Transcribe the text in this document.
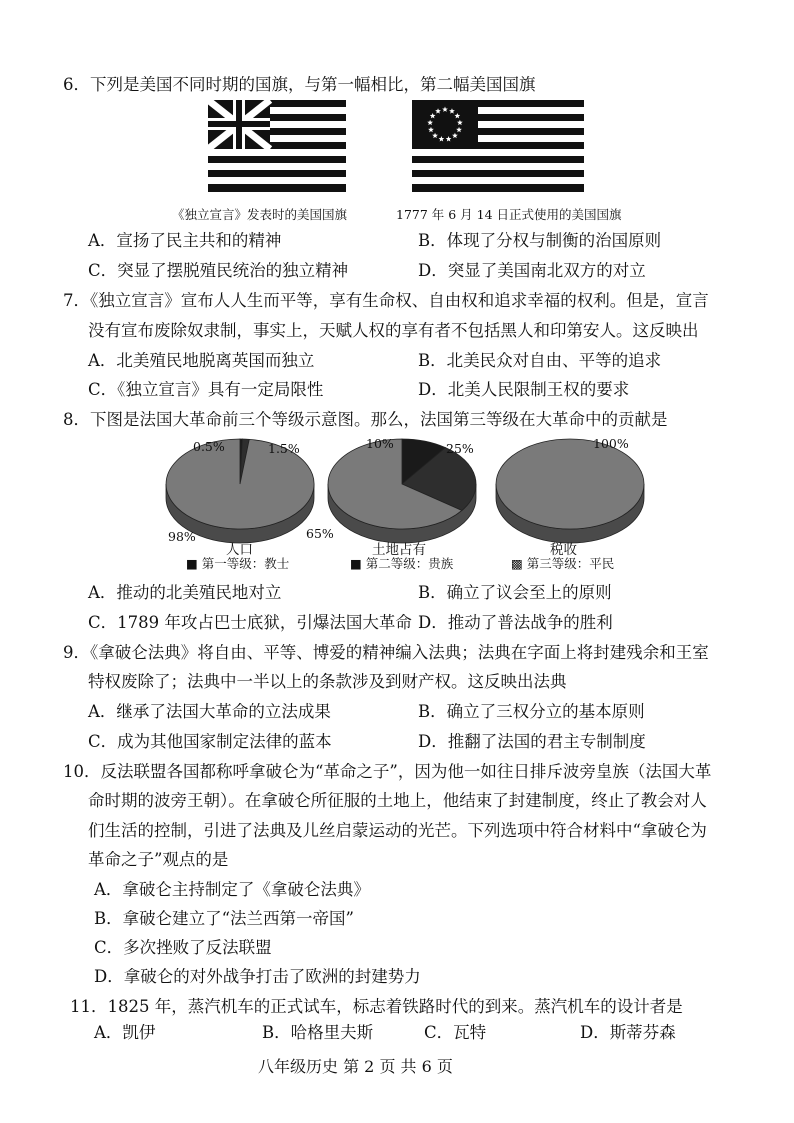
6．下列是美国不同时期的国旗，与第一幅相比，第二幅美国国旗
《独立宣言》发表时的美国国旗	1777 年 6 月 14 日正式使用的美国国旗
A．宣扬了民主共和的精神	B．体现了分权与制衡的治国原则
C．突显了摆脱殖民统治的独立精神	D．突显了美国南北双方的对立
7．《独立宣言》宣布人人生而平等，享有生命权、自由权和追求幸福的权利。但是，宣言
没有宣布废除奴隶制，事实上，天赋人权的享有者不包括黑人和印第安人。这反映出
A．北美殖民地脱离英国而独立	B．北美民众对自由、平等的追求
C．《独立宣言》具有一定局限性	D．北美人民限制王权的要求
8．下图是法国大革命前三个等级示意图。那么，法国第三等级在大革命中的贡献是
0.5%	1.5%
98%
人口
10%	25%
65%
土地占有
100%
税收
■ 第一等级：教士	■ 第二等级：贵族	▩ 第三等级：平民
A．推动的北美殖民地对立	B．确立了议会至上的原则
C．1789 年攻占巴士底狱，引爆法国大革命 D．推动了普法战争的胜利
9．《拿破仑法典》将自由、平等、博爱的精神编入法典；法典在字面上将封建残余和王室
特权废除了；法典中一半以上的条款涉及到财产权。这反映出法典
A．继承了法国大革命的立法成果	B．确立了三权分立的基本原则
C．成为其他国家制定法律的蓝本	D．推翻了法国的君主专制制度
10．反法联盟各国都称呼拿破仑为“革命之子”，因为他一如往日排斥波旁皇族（法国大革
命时期的波旁王朝）。在拿破仑所征服的土地上，他结束了封建制度，终止了教会对人
们生活的控制，引进了法典及儿丝启蒙运动的光芒。下列选项中符合材料中“拿破仑为
革命之子”观点的是
A．拿破仑主持制定了《拿破仑法典》
B．拿破仑建立了“法兰西第一帝国”
C．多次挫败了反法联盟
D．拿破仑的对外战争打击了欧洲的封建势力
11．1825 年，蒸汽机车的正式试车，标志着铁路时代的到来。蒸汽机车的设计者是
A．凯伊	B．哈格里夫斯	C．瓦特	D．斯蒂芬森
八年级历史 第 2 页 共 6 页
